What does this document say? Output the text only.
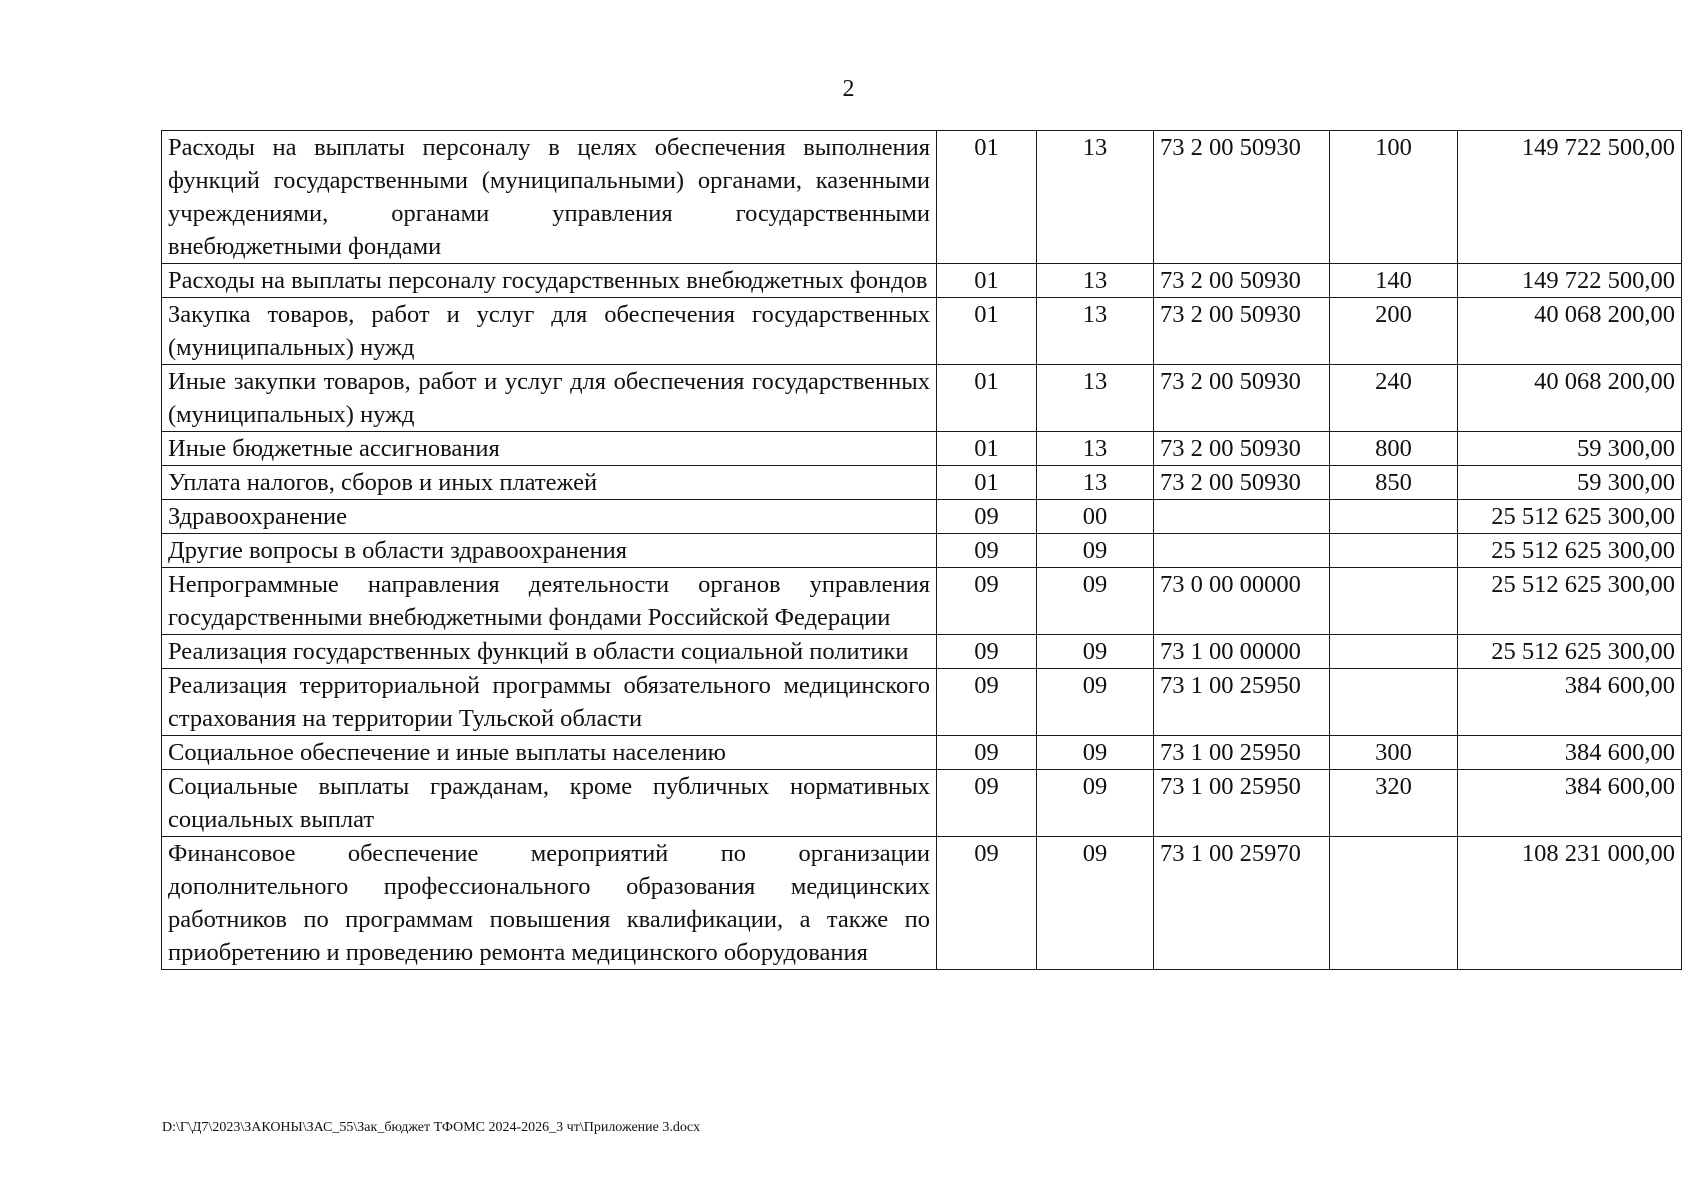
2
Расходы на выплаты персоналу в целях обеспечения выполнения функций государственными (муниципальными) органами, казенными учреждениями, органами управления государственными внебюджетными фондами	01	13	73 2 00 50930	100	149 722 500,00
Расходы на выплаты персоналу государственных внебюджетных фондов	01	13	73 2 00 50930	140	149 722 500,00
Закупка товаров, работ и услуг для обеспечения государственных (муниципальных) нужд	01	13	73 2 00 50930	200	40 068 200,00
Иные закупки товаров, работ и услуг для обеспечения государственных (муниципальных) нужд	01	13	73 2 00 50930	240	40 068 200,00
Иные бюджетные ассигнования	01	13	73 2 00 50930	800	59 300,00
Уплата налогов, сборов и иных платежей	01	13	73 2 00 50930	850	59 300,00
Здравоохранение	09	00			25 512 625 300,00
Другие вопросы в области здравоохранения	09	09			25 512 625 300,00
Непрограммные направления деятельности органов управления государственными внебюджетными фондами Российской Федерации	09	09	73 0 00 00000		25 512 625 300,00
Реализация государственных функций в области социальной политики	09	09	73 1 00 00000		25 512 625 300,00
Реализация территориальной программы обязательного медицинского страхования на территории Тульской области	09	09	73 1 00 25950		384 600,00
Социальное обеспечение и иные выплаты населению	09	09	73 1 00 25950	300	384 600,00
Социальные выплаты гражданам, кроме публичных нормативных социальных выплат	09	09	73 1 00 25950	320	384 600,00
Финансовое обеспечение мероприятий по организации дополнительного профессионального образования медицинских работников по программам повышения квалификации, а также по приобретению и проведению ремонта медицинского оборудования	09	09	73 1 00 25970		108 231 000,00
D:\Г\Д7\2023\ЗАКОНЫ\ЗАС_55\Зак_бюджет ТФОМС 2024-2026_3 чт\Приложение 3.docx
